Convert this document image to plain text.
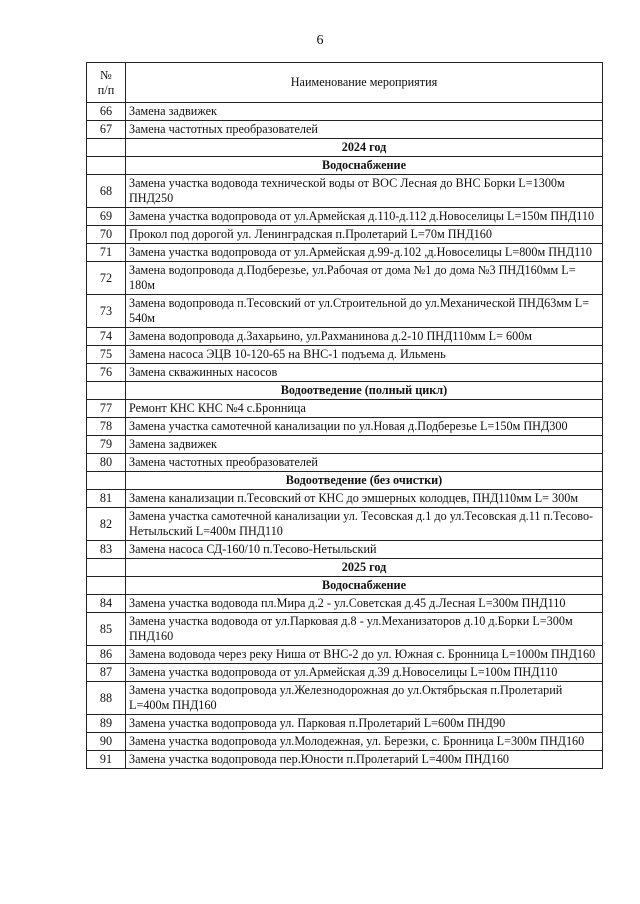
6
№
п/п	Наименование мероприятия
66	Замена задвижек
67	Замена частотных преобразователей
	2024 год
	Водоснабжение
68	Замена участка водовода технической воды от ВОС Лесная до ВНС Борки L=1300м ПНД250
69	Замена участка водопровода от ул.Армейская д.110-д.112 д.Новоселицы L=150м ПНД110
70	Прокол под дорогой ул. Ленинградская п.Пролетарий L=70м ПНД160
71	Замена участка водопровода от ул.Армейская д.99-д.102 ,д.Новоселицы L=800м ПНД110
72	Замена водопровода д.Подберезье, ул.Рабочая от дома №1 до дома №3 ПНД160мм L= 180м
73	Замена водопровода п.Тесовский от ул.Строительной до ул.Механической ПНД63мм L= 540м
74	Замена водопровода д.Захарьино, ул.Рахманинова д.2-10 ПНД110мм L= 600м
75	Замена насоса ЭЦВ 10-120-65 на ВНС-1 подъема д. Ильмень
76	Замена скважинных насосов
	Водоотведение (полный цикл)
77	Ремонт КНС КНС №4 с.Бронница
78	Замена участка самотечной канализации по ул.Новая д.Подберезье L=150м ПНД300
79	Замена задвижек
80	Замена частотных преобразователей
	Водоотведение (без очистки)
81	Замена канализации п.Тесовский от КНС до эмшерных колодцев, ПНД110мм L= 300м
82	Замена участка самотечной канализации ул. Тесовская д.1 до ул.Тесовская д.11 п.Тесово-Нетыльский L=400м ПНД110
83	Замена насоса СД-160/10 п.Тесово-Нетыльский
	2025 год
	Водоснабжение
84	Замена участка водовода пл.Мира д.2 - ул.Советская д.45 д.Лесная L=300м ПНД110
85	Замена участка водовода от ул.Парковая д.8 - ул.Механизаторов д.10 д.Борки L=300м ПНД160
86	Замена водовода через реку Ниша от ВНС-2 до ул. Южная с. Бронница L=1000м ПНД160
87	Замена участка водопровода от ул.Армейская д.39 д.Новоселицы L=100м ПНД110
88	Замена участка водопровода ул.Железнодорожная до ул.Октябрьская п.Пролетарий L=400м ПНД160
89	Замена участка водопровода ул. Парковая п.Пролетарий L=600м ПНД90
90	Замена участка водопровода ул.Молодежная, ул. Березки, с. Бронница L=300м ПНД160
91	Замена участка водопровода пер.Юности п.Пролетарий L=400м ПНД160
